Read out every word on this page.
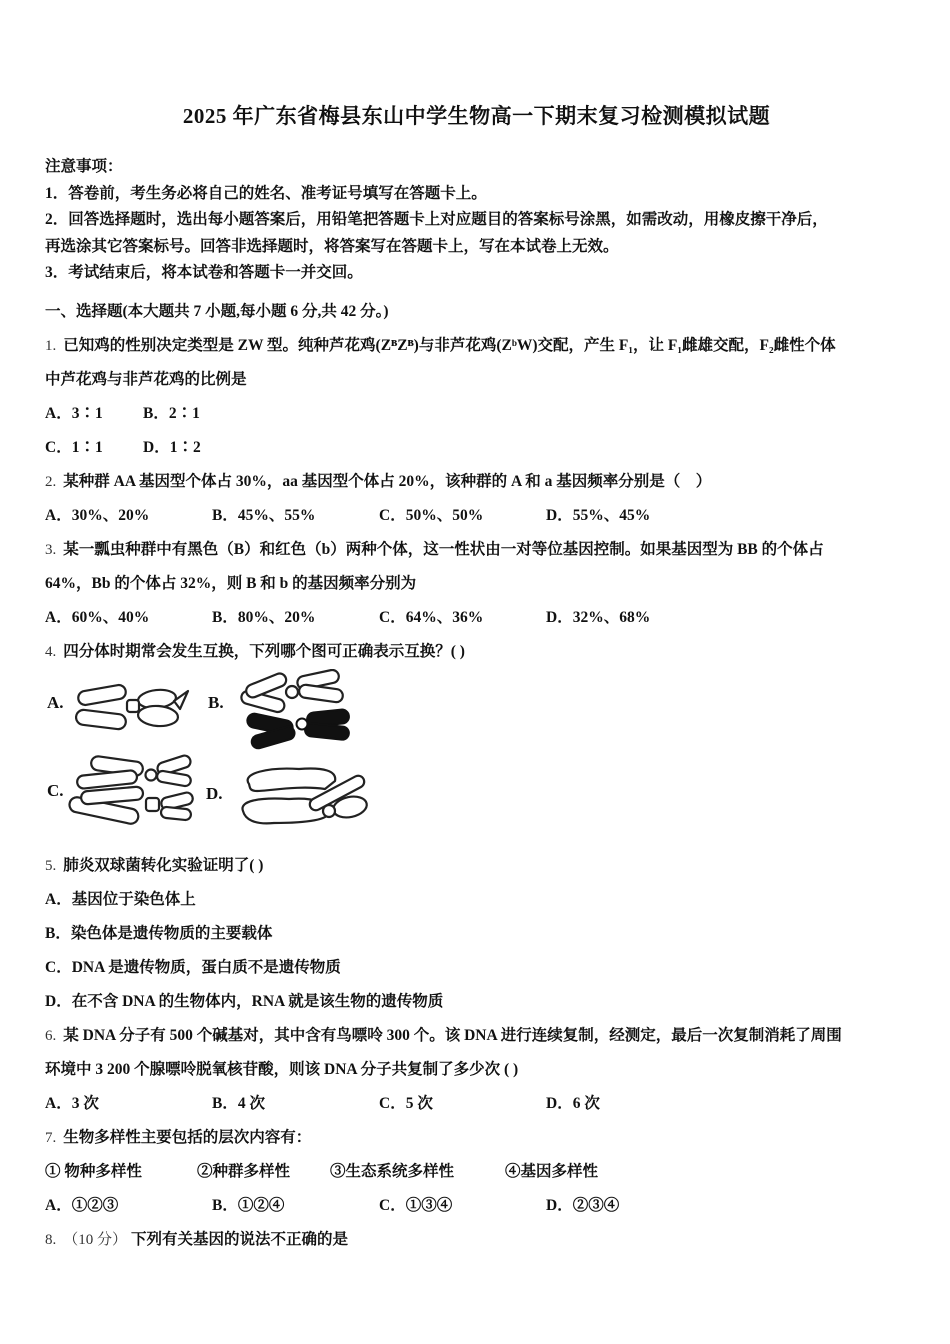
2025 年广东省梅县东山中学生物高一下期末复习检测模拟试题
注意事项：
1．答卷前，考生务必将自己的姓名、准考证号填写在答题卡上。
2．回答选择题时，选出每小题答案后，用铅笔把答题卡上对应题目的答案标号涂黑，如需改动，用橡皮擦干净后，
再选涂其它答案标号。回答非选择题时，将答案写在答题卡上，写在本试卷上无效。
3．考试结束后，将本试卷和答题卡一并交回。
一、选择题(本大题共 7 小题,每小题 6 分,共 42 分。)
1. 已知鸡的性别决定类型是 ZW 型。纯种芦花鸡(ZᴮZᴮ)与非芦花鸡(ZᵇW)交配，产生 F₁，让 F₁雌雄交配，F₂雌性个体
中芦花鸡与非芦花鸡的比例是
A．3∶1	B．2∶1
C．1∶1	D．1∶2
2. 某种群 AA 基因型个体占 30%，aa 基因型个体占 20%，该种群的 A 和 a 基因频率分别是（　）
A．30%、20%	B．45%、55%	C．50%、50%	D．55%、45%
3. 某一瓢虫种群中有黑色（B）和红色（b）两种个体，这一性状由一对等位基因控制。如果基因型为 BB 的个体占
64%，Bb 的个体占 32%，则 B 和 b 的基因频率分别为
A．60%、40%	B．80%、20%	C．64%、36%	D．32%、68%
4. 四分体时期常会发生互换，下列哪个图可正确表示互换？( )
A.	B.
C.	D.
5. 肺炎双球菌转化实验证明了( )
A．基因位于染色体上
B．染色体是遗传物质的主要载体
C．DNA 是遗传物质，蛋白质不是遗传物质
D．在不含 DNA 的生物体内，RNA 就是该生物的遗传物质
6. 某 DNA 分子有 500 个碱基对，其中含有鸟嘌呤 300 个。该 DNA 进行连续复制，经测定，最后一次复制消耗了周围
环境中 3 200 个腺嘌呤脱氧核苷酸，则该 DNA 分子共复制了多少次 ( )
A．3 次	B．4 次	C．5 次	D．6 次
7. 生物多样性主要包括的层次内容有：
① 物种多样性	②种群多样性	③生态系统多样性	④基因多样性
A．①②③	B．①②④	C．①③④	D．②③④
8. （10 分） 下列有关基因的说法不正确的是
